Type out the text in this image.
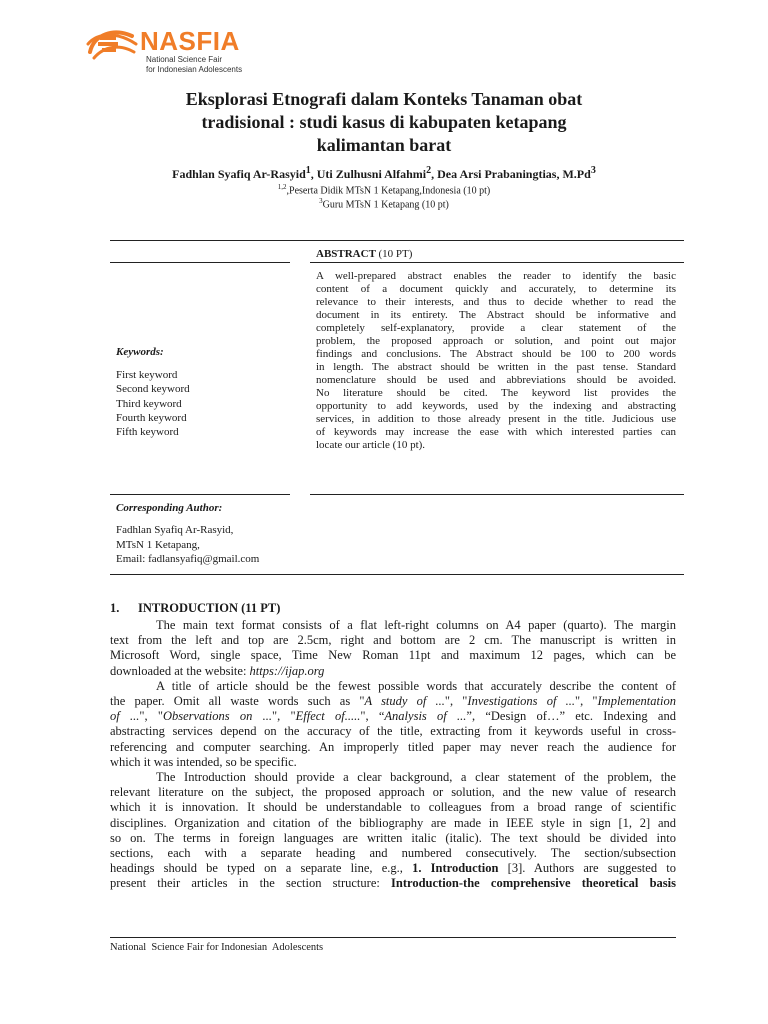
NASFIA
National Science Fair
for Indonesian Adolescents
Eksplorasi Etnografi dalam Konteks Tanaman obat
tradisional : studi kasus di kabupaten ketapang
kalimantan barat
Fadhlan Syafiq Ar-Rasyid$^1$, Uti Zulhusni Alfahmi$^2$, Dea Arsi Prabaningtias, M.Pd$^3$
$^{1,2}$,Peserta Didik MTsN 1 Ketapang,Indonesia (10 pt)
$^3$Guru MTsN 1 Ketapang (10 pt)
ABSTRACT (10 PT)
A well-prepared abstract enables the reader to identify the basic
content of a document quickly and accurately, to determine its
relevance to their interests, and thus to decide whether to read the
document in its entirety. The Abstract should be informative and
completely self-explanatory, provide a clear statement of the
problem, the proposed approach or solution, and point out major
findings and conclusions. The Abstract should be 100 to 200 words
in length. The abstract should be written in the past tense. Standard
nomenclature should be used and abbreviations should be avoided.
No literature should be cited. The keyword list provides the
opportunity to add keywords, used by the indexing and abstracting
services, in addition to those already present in the title. Judicious use
of keywords may increase the ease with which interested parties can
locate our article (10 pt).
Keywords:
First keyword
Second keyword
Third keyword
Fourth keyword
Fifth keyword
Corresponding Author:
Fadhlan Syafiq Ar-Rasyid,
MTsN 1 Ketapang,
Email: fadlansyafiq@gmail.com
1. INTRODUCTION (11 PT)
The main text format consists of a flat left-right columns on A4 paper (quarto). The margin
text from the left and top are 2.5cm, right and bottom are 2 cm. The manuscript is written in
Microsoft Word, single space, Time New Roman 11pt and maximum 12 pages, which can be
downloaded at the website: https://ijap.org
A title of article should be the fewest possible words that accurately describe the content of
the paper. Omit all waste words such as "A study of ...", "Investigations of ...", "Implementation
of ...", "Observations on ...", "Effect of.....", “Analysis of ...”, “Design of…” etc. Indexing and
abstracting services depend on the accuracy of the title, extracting from it keywords useful in cross-
referencing and computer searching. An improperly titled paper may never reach the audience for
which it was intended, so be specific.
The Introduction should provide a clear background, a clear statement of the problem, the
relevant literature on the subject, the proposed approach or solution, and the new value of research
which it is innovation. It should be understandable to colleagues from a broad range of scientific
disciplines. Organization and citation of the bibliography are made in IEEE style in sign [1, 2] and
so on. The terms in foreign languages are written italic (italic). The text should be divided into
sections, each with a separate heading and numbered consecutively. The section/subsection
headings should be typed on a separate line, e.g., 1. Introduction [3]. Authors are suggested to
present their articles in the section structure: Introduction-the comprehensive theoretical basis
National  Science Fair for Indonesian  Adolescents
